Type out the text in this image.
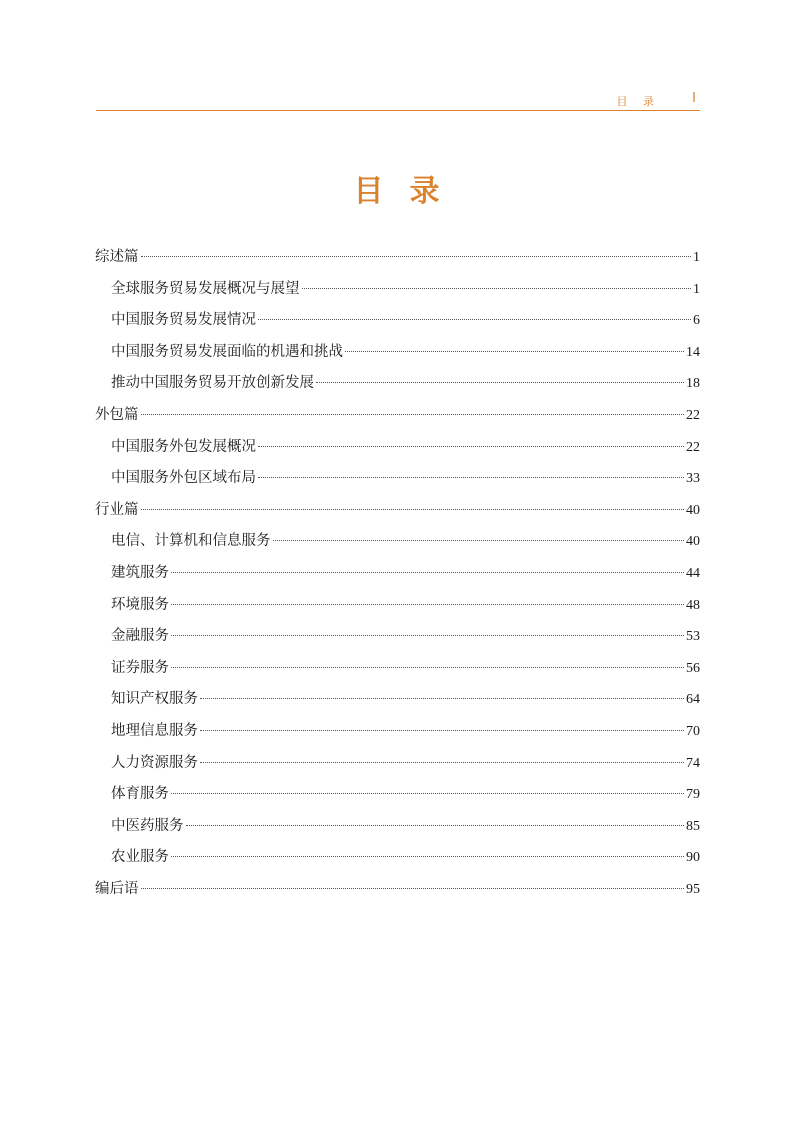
目 录 I
目录
综述篇	1
全球服务贸易发展概况与展望	1
中国服务贸易发展情况	6
中国服务贸易发展面临的机遇和挑战	14
推动中国服务贸易开放创新发展	18
外包篇	22
中国服务外包发展概况	22
中国服务外包区域布局	33
行业篇	40
电信、计算机和信息服务	40
建筑服务	44
环境服务	48
金融服务	53
证券服务	56
知识产权服务	64
地理信息服务	70
人力资源服务	74
体育服务	79
中医药服务	85
农业服务	90
编后语	95
